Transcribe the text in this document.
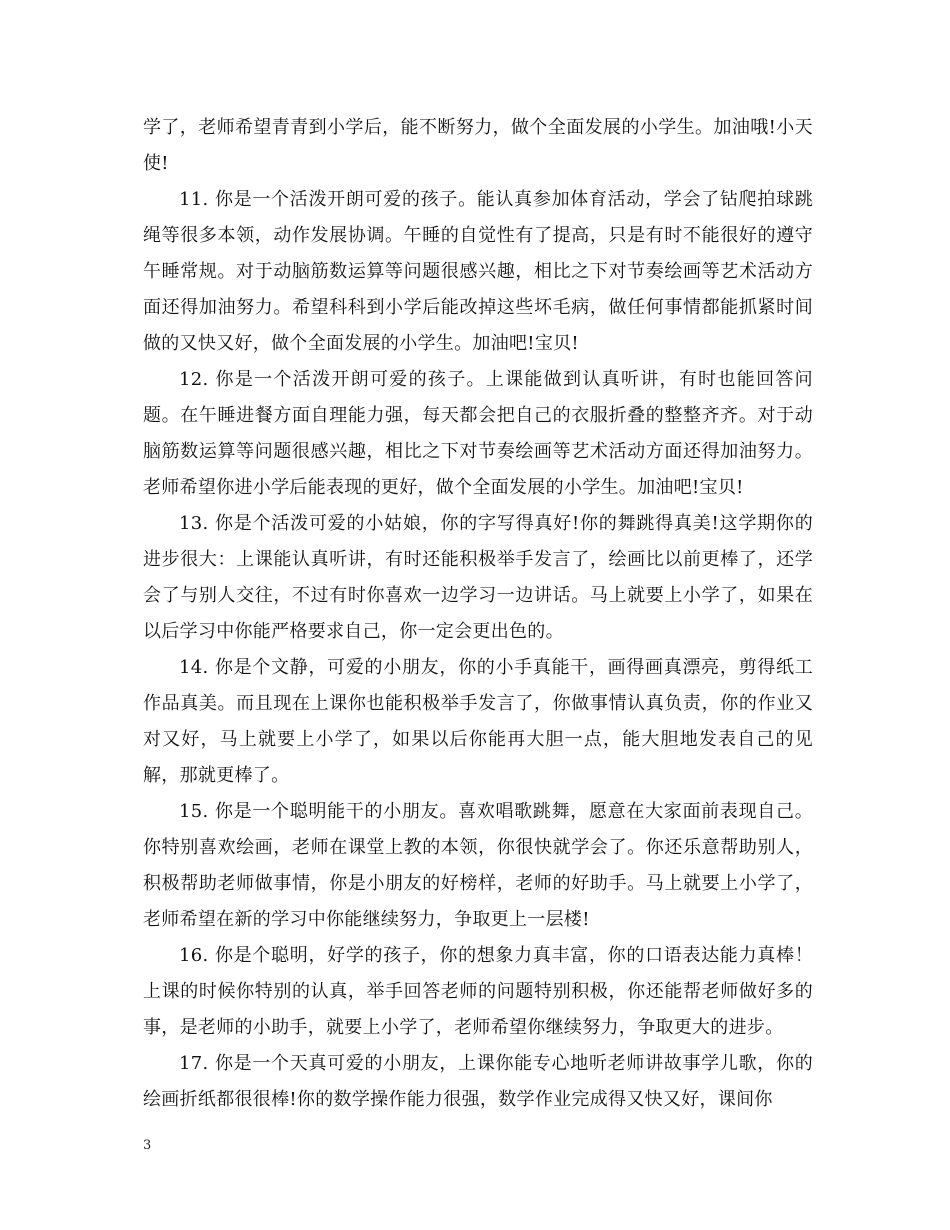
学了，老师希望青青到小学后，能不断努力，做个全面发展的小学生。加油哦!小天使!

11. 你是一个活泼开朗可爱的孩子。能认真参加体育活动，学会了钻爬拍球跳绳等很多本领，动作发展协调。午睡的自觉性有了提高，只是有时不能很好的遵守午睡常规。对于动脑筋数运算等问题很感兴趣，相比之下对节奏绘画等艺术活动方面还得加油努力。希望科科到小学后能改掉这些坏毛病，做任何事情都能抓紧时间做的又快又好，做个全面发展的小学生。加油吧!宝贝!

12. 你是一个活泼开朗可爱的孩子。上课能做到认真听讲，有时也能回答问题。在午睡进餐方面自理能力强，每天都会把自己的衣服折叠的整整齐齐。对于动脑筋数运算等问题很感兴趣，相比之下对节奏绘画等艺术活动方面还得加油努力。老师希望你进小学后能表现的更好，做个全面发展的小学生。加油吧!宝贝!

13. 你是个活泼可爱的小姑娘，你的字写得真好!你的舞跳得真美!这学期你的进步很大：上课能认真听讲，有时还能积极举手发言了，绘画比以前更棒了，还学会了与别人交往，不过有时你喜欢一边学习一边讲话。马上就要上小学了，如果在以后学习中你能严格要求自己，你一定会更出色的。

14. 你是个文静，可爱的小朋友，你的小手真能干，画得画真漂亮，剪得纸工作品真美。而且现在上课你也能积极举手发言了，你做事情认真负责，你的作业又对又好，马上就要上小学了，如果以后你能再大胆一点，能大胆地发表自己的见解，那就更棒了。

15. 你是一个聪明能干的小朋友。喜欢唱歌跳舞，愿意在大家面前表现自己。你特别喜欢绘画，老师在课堂上教的本领，你很快就学会了。你还乐意帮助别人，积极帮助老师做事情，你是小朋友的好榜样，老师的好助手。马上就要上小学了，老师希望在新的学习中你能继续努力，争取更上一层楼!

16. 你是个聪明，好学的孩子，你的想象力真丰富，你的口语表达能力真棒！上课的时候你特别的认真，举手回答老师的问题特别积极，你还能帮老师做好多的事，是老师的小助手，就要上小学了，老师希望你继续努力，争取更大的进步。

17. 你是一个天真可爱的小朋友，上课你能专心地听老师讲故事学儿歌，你的绘画折纸都很很棒!你的数学操作能力很强，数学作业完成得又快又好，课间你

3
